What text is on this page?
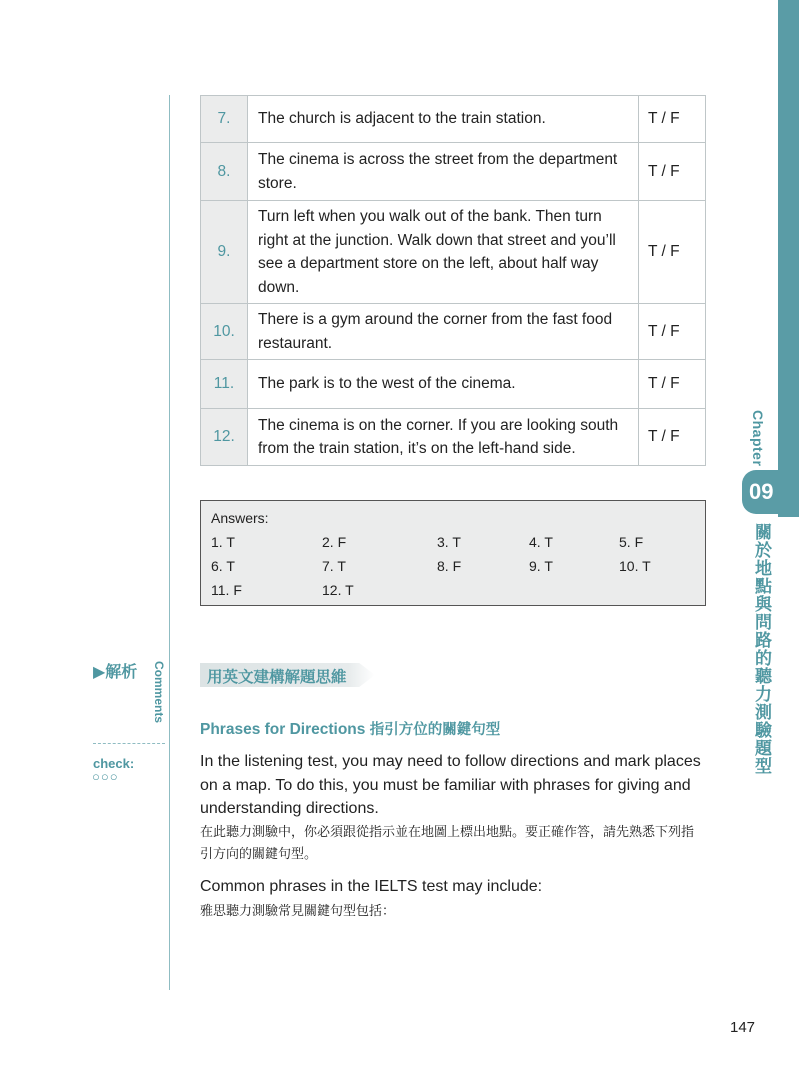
Chapter
09
關於地點與問路的聽力測驗題型
7.	The church is adjacent to the train station.	T / F
8.	The cinema is across the street from the department store.	T / F
9.	Turn left when you walk out of the bank. Then turn right at the junction. Walk down that street and you’ll see a department store on the left, about half way down.	T / F
10.	There is a gym around the corner from the fast food restaurant.	T / F
11.	The park is to the west of the cinema.	T / F
12.	The cinema is on the corner. If you are looking south from the train station, it’s on the left-hand side.	T / F
Answers:
1. T	2. F	3. T	4. T	5. F
6. T	7. T	8. F	9. T	10. T
11. F	12. T
▶解析 Comments
check:
○○○
用英文建構解題思維
Phrases for Directions 指引方位的關鍵句型
In the listening test, you may need to follow directions and mark places on a map. To do this, you must be familiar with phrases for giving and understanding directions.
在此聽力測驗中，你必須跟從指示並在地圖上標出地點。要正確作答，請先熟悉下列指引方向的關鍵句型。
Common phrases in the IELTS test may include:
雅思聽力測驗常見關鍵句型包括：
147
